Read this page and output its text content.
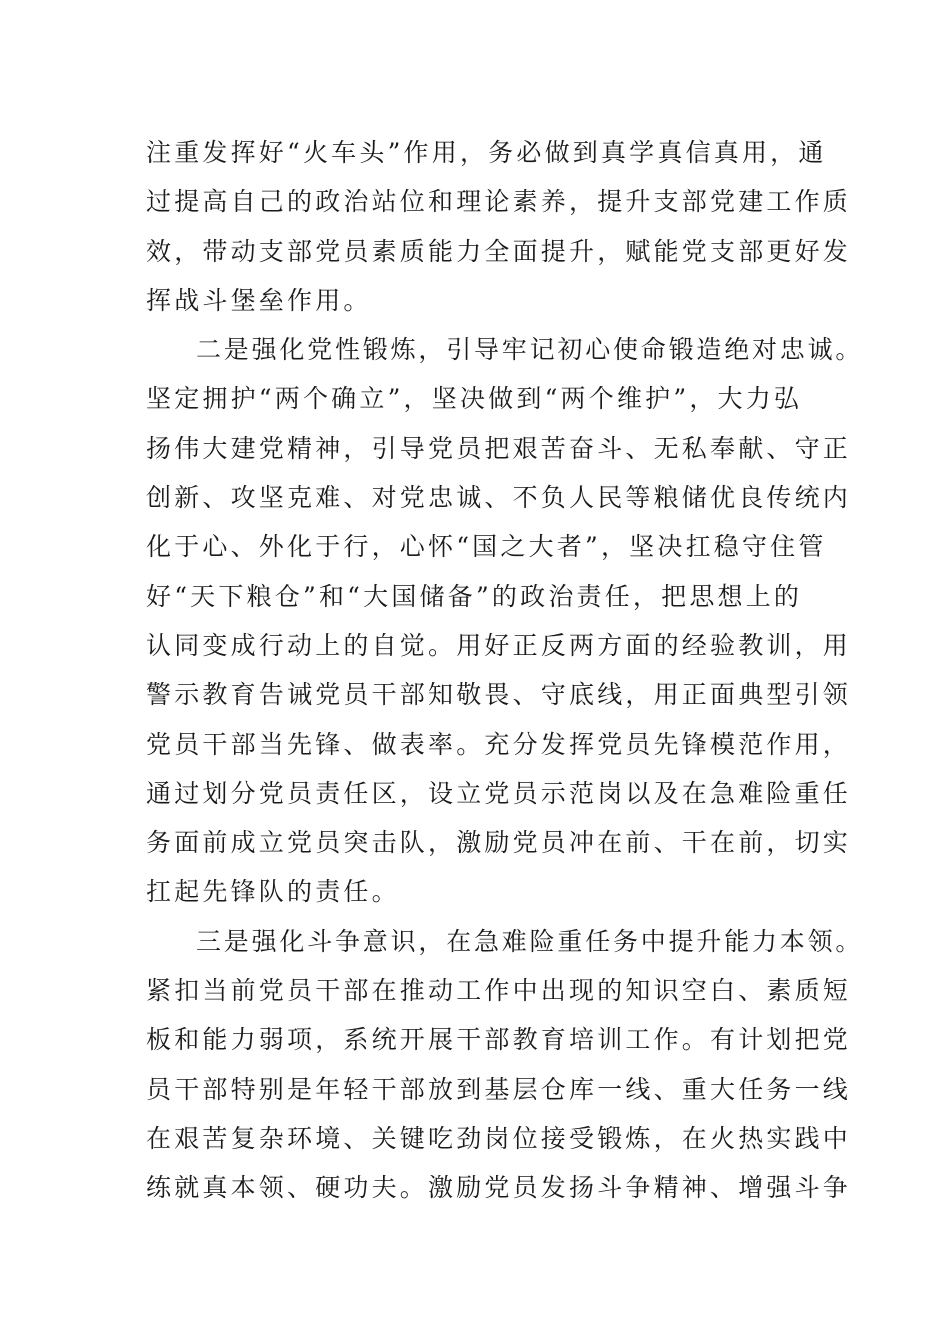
注重发挥好“火车头”作用，务必做到真学真信真用，通
过提高自己的政治站位和理论素养，提升支部党建工作质
效，带动支部党员素质能力全面提升，赋能党支部更好发
挥战斗堡垒作用。
二是强化党性锻炼，引导牢记初心使命锻造绝对忠诚。
坚定拥护“两个确立”，坚决做到“两个维护”，大力弘
扬伟大建党精神，引导党员把艰苦奋斗、无私奉献、守正
创新、攻坚克难、对党忠诚、不负人民等粮储优良传统内
化于心、外化于行，心怀“国之大者”，坚决扛稳守住管
好“天下粮仓”和“大国储备”的政治责任，把思想上的
认同变成行动上的自觉。用好正反两方面的经验教训，用
警示教育告诫党员干部知敬畏、守底线，用正面典型引领
党员干部当先锋、做表率。充分发挥党员先锋模范作用，
通过划分党员责任区，设立党员示范岗以及在急难险重任
务面前成立党员突击队，激励党员冲在前、干在前，切实
扛起先锋队的责任。
三是强化斗争意识，在急难险重任务中提升能力本领。
紧扣当前党员干部在推动工作中出现的知识空白、素质短
板和能力弱项，系统开展干部教育培训工作。有计划把党
员干部特别是年轻干部放到基层仓库一线、重大任务一线
在艰苦复杂环境、关键吃劲岗位接受锻炼，在火热实践中
练就真本领、硬功夫。激励党员发扬斗争精神、增强斗争
